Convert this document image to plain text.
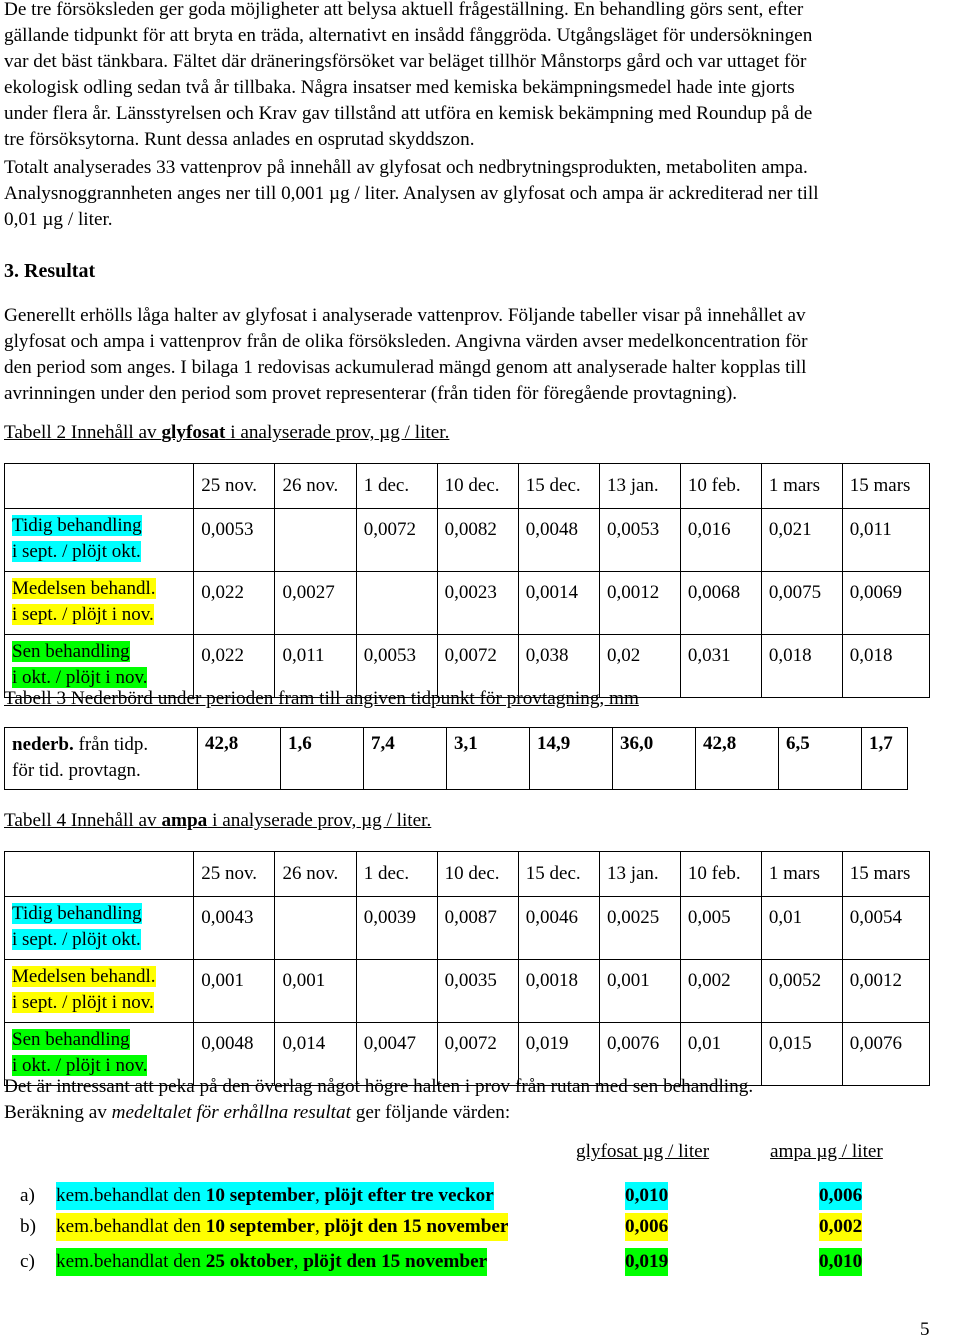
De tre försöksleden ger goda möjligheter att belysa aktuell frågeställning. En behandling görs sent, efter

gällande tidpunkt för att bryta en träda, alternativt en insådd fånggröda. Utgångsläget för undersökningen

var det bäst tänkbara. Fältet där dräneringsförsöket var beläget tillhör Månstorps gård och var uttaget för

ekologisk odling sedan två år tillbaka. Några insatser med kemiska bekämpningsmedel hade inte gjorts

under flera år. Länsstyrelsen och Krav gav tillstånd att utföra en kemisk bekämpning med Roundup på de

tre försöksytorna. Runt dessa anlades en osprutad skyddszon.

Totalt analyserades 33 vattenprov på innehåll av glyfosat och nedbrytningsprodukten, metaboliten ampa.

Analysnoggrannheten anges ner till 0,001 µg / liter. Analysen av glyfosat och ampa är ackrediterad ner till

0,01 µg / liter.

3. Resultat

Generellt erhölls låga halter av glyfosat i analyserade vattenprov. Följande tabeller visar på innehållet av

glyfosat och ampa i vattenprov från de olika försöksleden. Angivna värden avser medelkoncentration för

den period som anges. I bilaga 1 redovisas ackumulerad mängd genom att analyserade halter kopplas till

avrinningen under den period som provet representerar (från tiden för föregående provtagning).

Tabell 2 Innehåll av glyfosat i analyserade prov, µg / liter.
	25 nov.	26 nov.	1 dec.	10 dec.	15 dec.	13 jan.	10 feb.	1 mars	15 mars
Tidig behandling
i sept. / plöjt okt.	0,0053		0,0072	0,0082	0,0048	0,0053	0,016	0,021	0,011
Medelsen behandl.
i sept. / plöjt i nov.	0,022	0,0027		0,0023	0,0014	0,0012	0,0068	0,0075	0,0069
Sen behandling
i okt. / plöjt i nov.	0,022	0,011	0,0053	0,0072	0,038	0,02	0,031	0,018	0,018
Tabell 3 Nederbörd under perioden fram till angiven tidpunkt för provtagning, mm
nederb. från tidp.
för tid. provtagn.	42,8	1,6	7,4	3,1	14,9	36,0	42,8	6,5	1,7
Tabell 4 Innehåll av ampa i analyserade prov, µg / liter.
	25 nov.	26 nov.	1 dec.	10 dec.	15 dec.	13 jan.	10 feb.	1 mars	15 mars
Tidig behandling
i sept. / plöjt okt.	0,0043		0,0039	0,0087	0,0046	0,0025	0,005	0,01	0,0054
Medelsen behandl.
i sept. / plöjt i nov.	0,001	0,001		0,0035	0,0018	0,001	0,002	0,0052	0,0012
Sen behandling
i okt. / plöjt i nov.	0,0048	0,014	0,0047	0,0072	0,019	0,0076	0,01	0,015	0,0076

Det är intressant att peka på den överlag något högre halten i prov från rutan med sen behandling.

Beräkning av medeltalet för erhållna resultat ger följande värden:

glyfosat µg / liter	ampa µg / liter
a) kem.behandlat den 10 september, plöjt efter tre veckor	0,010	0,006
b) kem.behandlat den 10 september, plöjt den 15 november	0,006	0,002
c) kem.behandlat den 25 oktober, plöjt den 15 november	0,019	0,010
5
